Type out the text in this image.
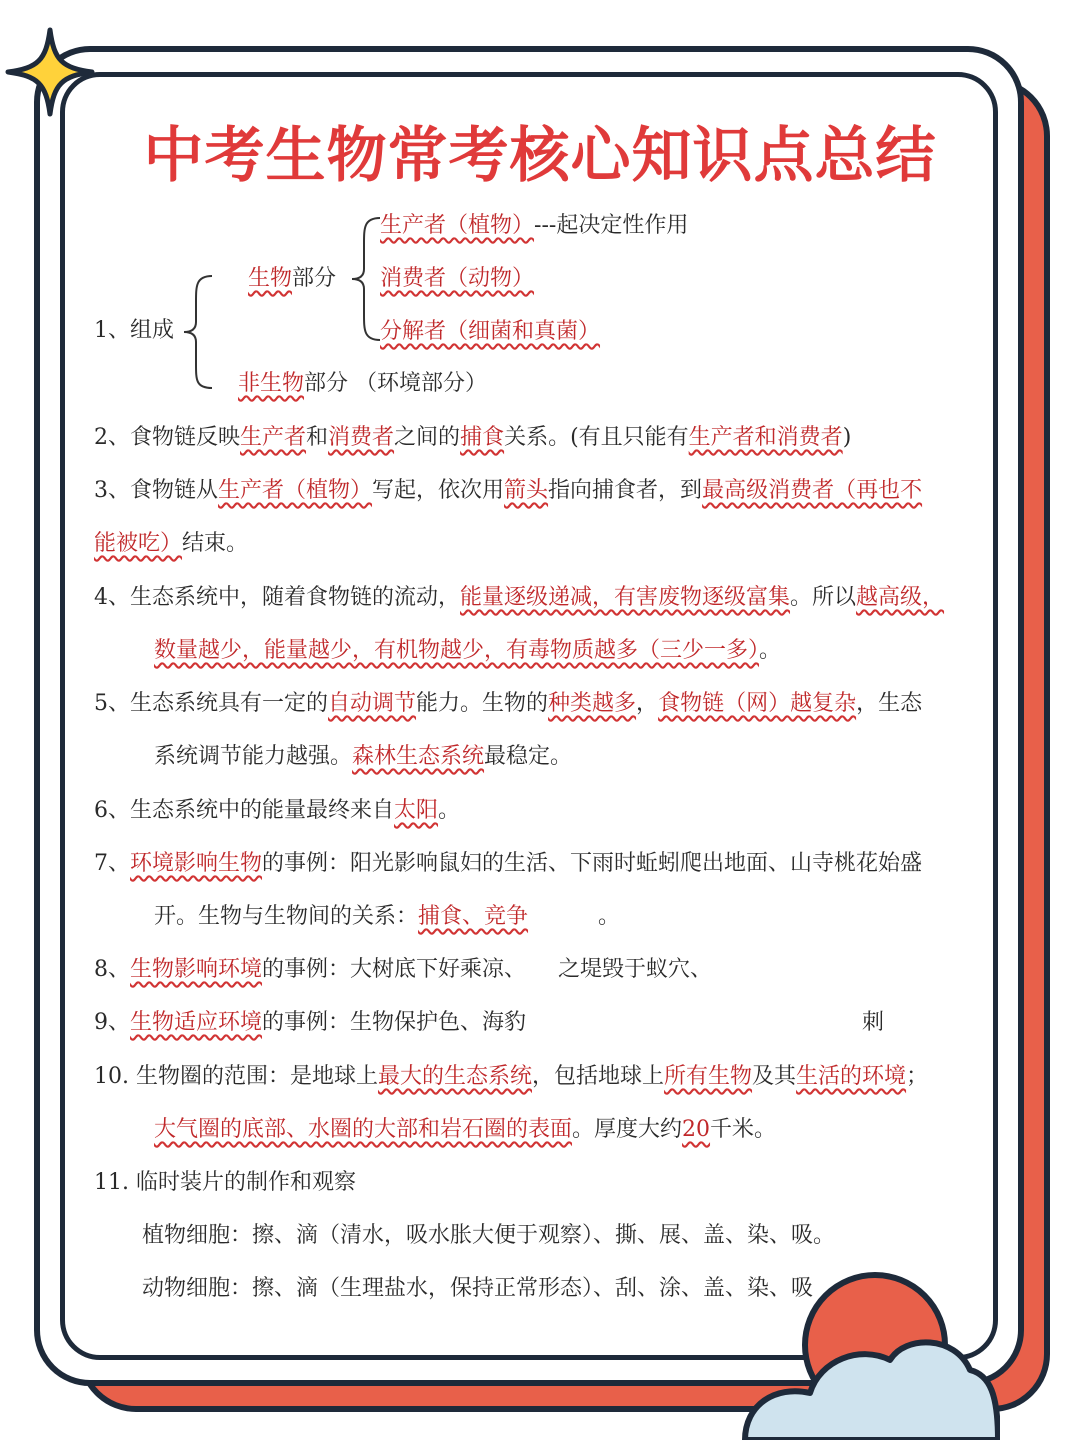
中考生物常考核心知识点总结
1、组成
生物部分
生产者（植物）---起决定性作用
消费者（动物）
分解者（细菌和真菌）
非生物部分 （环境部分）
2、食物链反映生产者和消费者之间的捕食关系。(有且只能有生产者和消费者)
3、食物链从生产者（植物）写起，依次用箭头指向捕食者，到最高级消费者（再也不
能被吃）结束。
4、生态系统中，随着食物链的流动，能量逐级递减，有害废物逐级富集。所以越高级，
数量越少，能量越少，有机物越少，有毒物质越多（三少一多）。
5、生态系统具有一定的自动调节能力。生物的种类越多，食物链（网）越复杂，生态
系统调节能力越强。森林生态系统最稳定。
6、生态系统中的能量最终来自太阳。
7、环境影响生物的事例：阳光影响鼠妇的生活、下雨时蚯蚓爬出地面、山寺桃花始盛
开。生物与生物间的关系：捕食、竞争	。
8、生物影响环境的事例：大树底下好乘凉、 之堤毁于蚁穴、
9、生物适应环境的事例：生物保护色、海豹	刺
10. 生物圈的范围：是地球上最大的生态系统，包括地球上所有生物及其生活的环境；
大气圈的底部、水圈的大部和岩石圈的表面。厚度大约20千米。
11. 临时装片的制作和观察
植物细胞：擦、滴（清水，吸水胀大便于观察）、撕、展、盖、染、吸。
动物细胞：擦、滴（生理盐水，保持正常形态）、刮、涂、盖、染、吸
